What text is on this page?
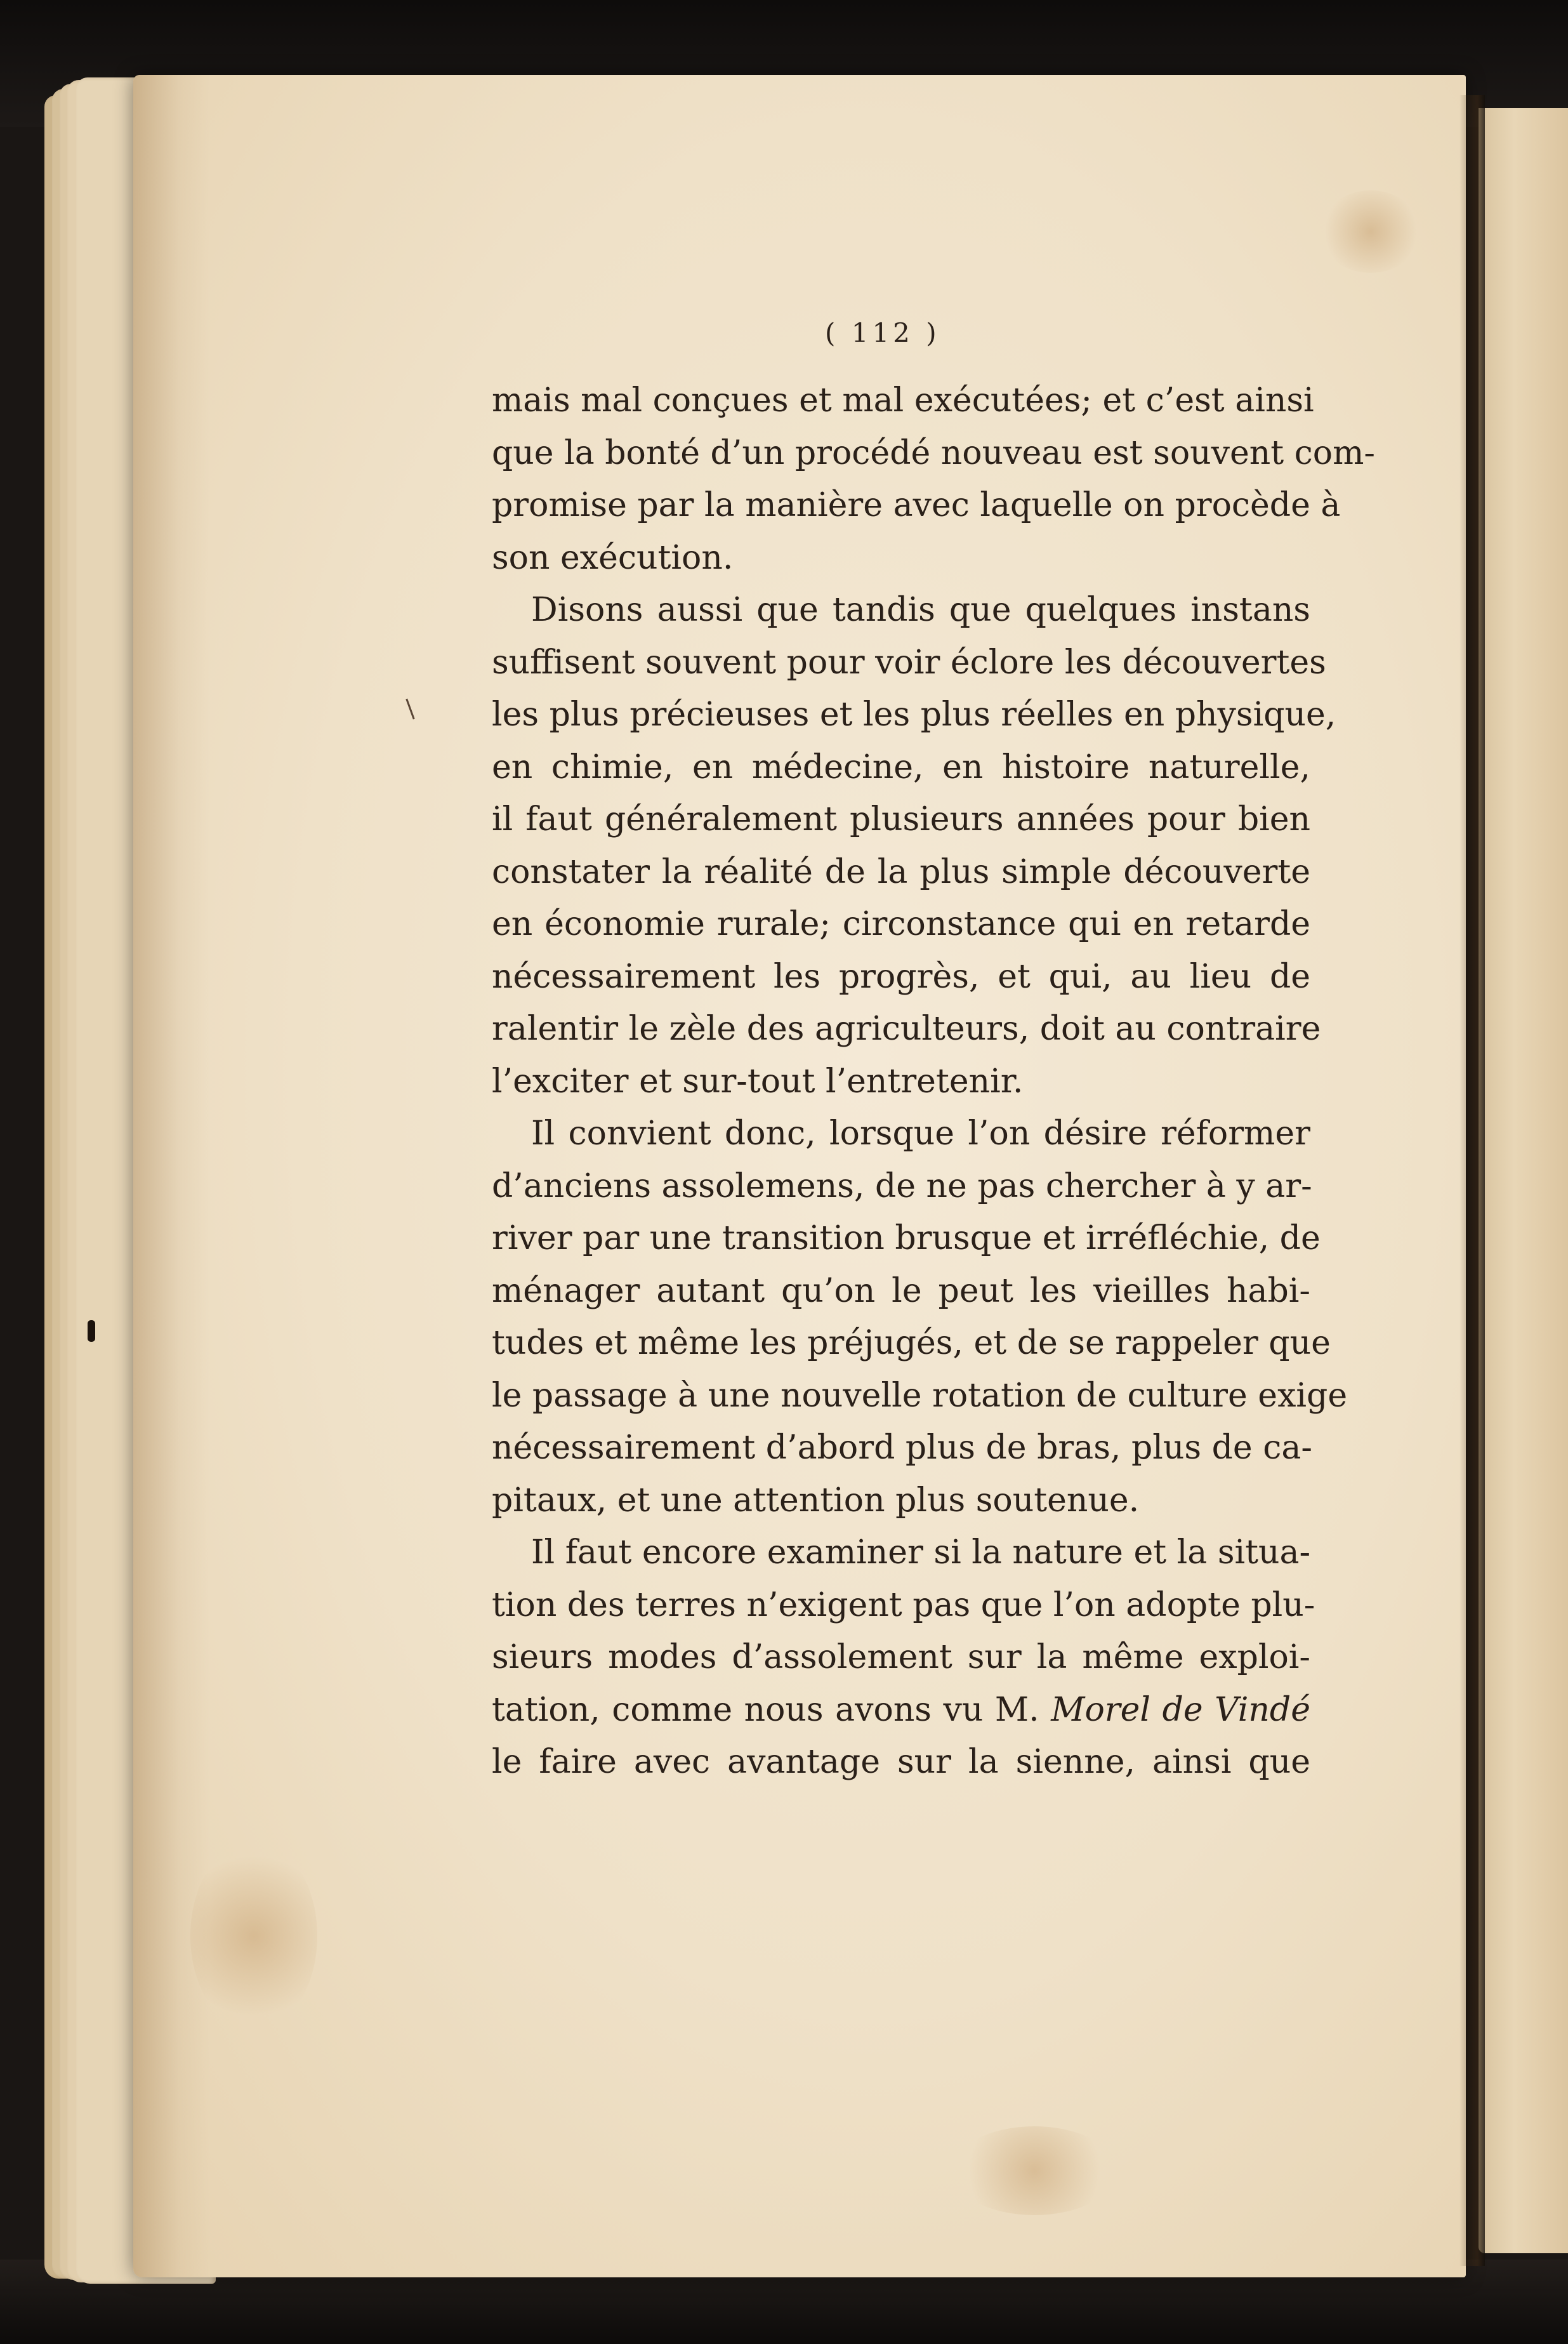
( 112 )
mais mal conçues et mal exécutées; et c’est ainsi
que la bonté d’un procédé nouveau est souvent com-
promise par la manière avec laquelle on procède à
son exécution.
Disons aussi que tandis que quelques instans
suffisent souvent pour voir éclore les découvertes
les plus précieuses et les plus réelles en physique,
en chimie, en médecine, en histoire naturelle,
il faut généralement plusieurs années pour bien
constater la réalité de la plus simple découverte
en économie rurale; circonstance qui en retarde
nécessairement les progrès, et qui, au lieu de
ralentir le zèle des agriculteurs, doit au contraire
l’exciter et sur-tout l’entretenir.
Il convient donc, lorsque l’on désire réformer
d’anciens assolemens, de ne pas chercher à y ar-
river par une transition brusque et irréfléchie, de
ménager autant qu’on le peut les vieilles habi-
tudes et même les préjugés, et de se rappeler que
le passage à une nouvelle rotation de culture exige
nécessairement d’abord plus de bras, plus de ca-
pitaux, et une attention plus soutenue.
Il faut encore examiner si la nature et la situa-
tion des terres n’exigent pas que l’on adopte plu-
sieurs modes d’assolement sur la même exploi-
tation, comme nous avons vu M. Morel de Vindé
le faire avec avantage sur la sienne, ainsi que
